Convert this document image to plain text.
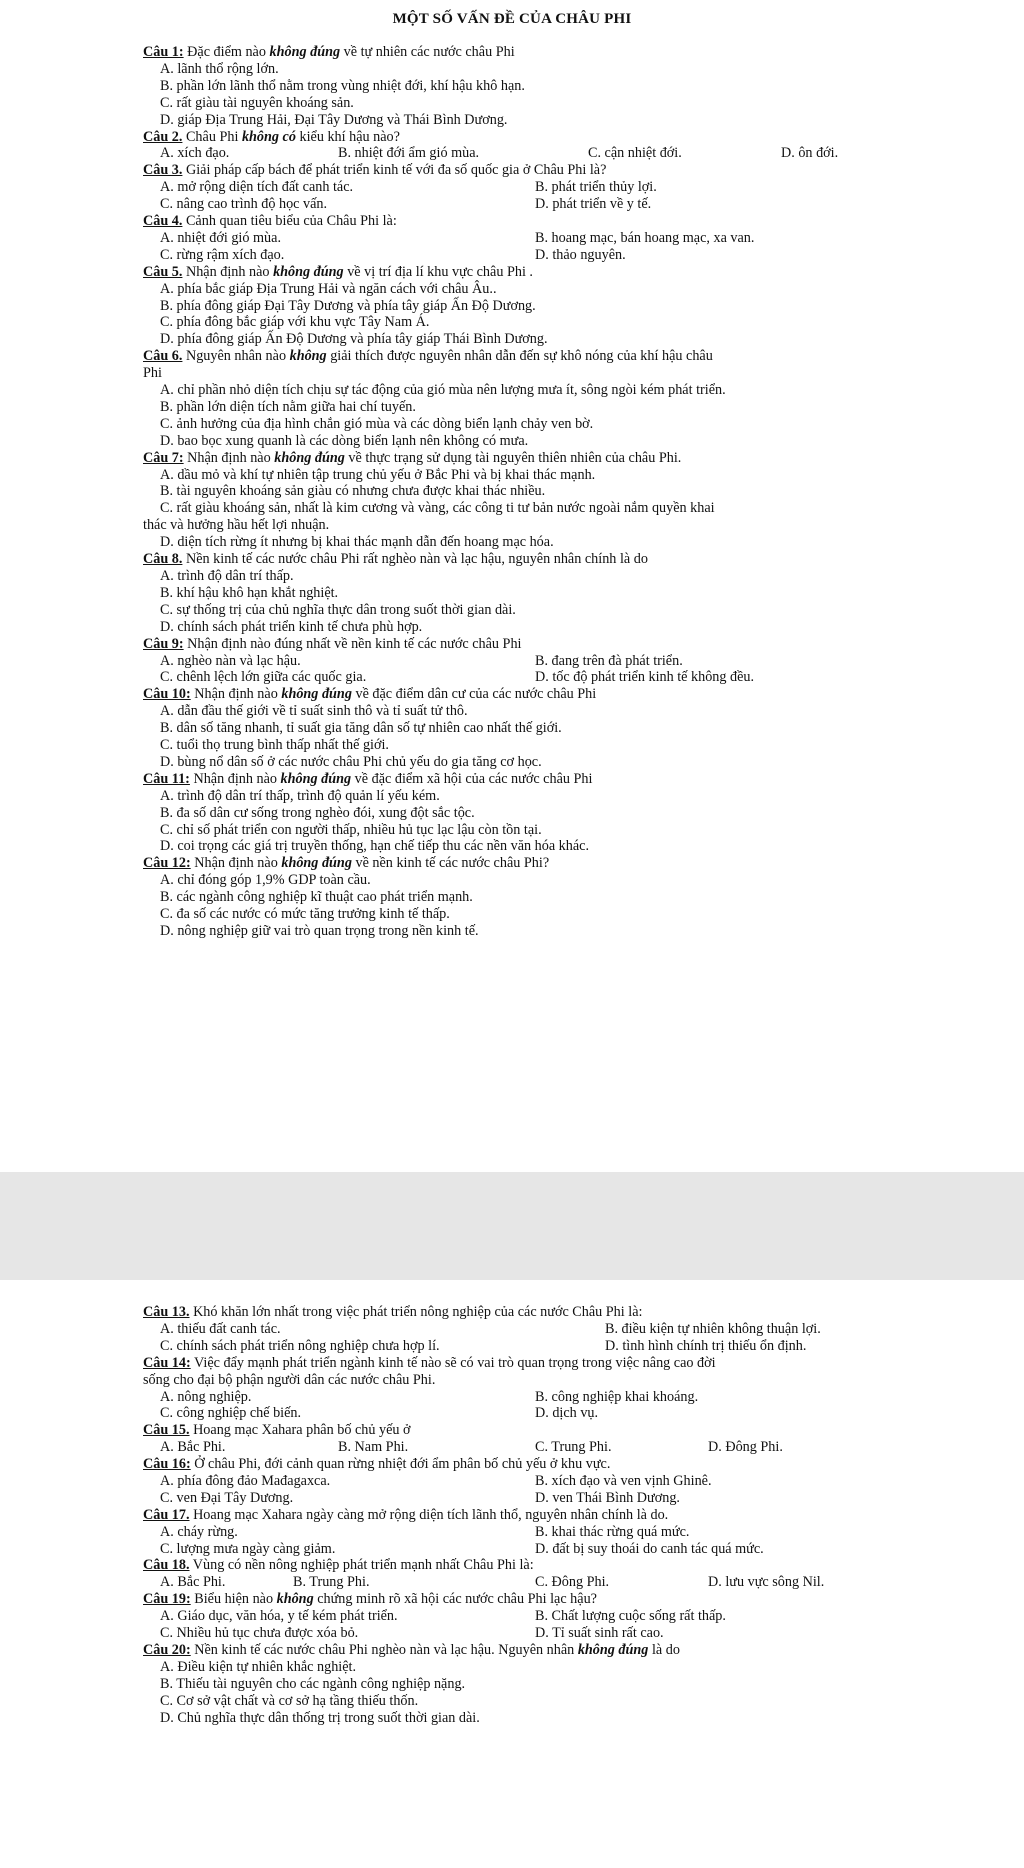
MỘT SỐ VẤN ĐỀ CỦA CHÂU PHI
Câu 1: Đặc điểm nào không đúng về tự nhiên các nước châu Phi
A. lãnh thổ rộng lớn.
B. phần lớn lãnh thổ nằm trong vùng nhiệt đới, khí hậu khô hạn.
C. rất giàu tài nguyên khoáng sản.
D. giáp Địa Trung Hải, Đại Tây Dương và Thái Bình Dương.
Câu 2. Châu Phi không có kiểu khí hậu nào?
A. xích đạo.	B. nhiệt đới ẩm gió mùa.	C. cận nhiệt đới.	D. ôn đới.
Câu 3. Giải pháp cấp bách để phát triển kinh tế với đa số quốc gia ở Châu Phi là?
A. mở rộng diện tích đất canh tác.	B. phát triển thủy lợi.
C. nâng cao trình độ học vấn.	D. phát triển về y tế.
Câu 4. Cảnh quan tiêu biểu của Châu Phi là:
A. nhiệt đới gió mùa.	B. hoang mạc, bán hoang mạc, xa van.
C. rừng rậm xích đạo.	D. thảo nguyên.
Câu 5. Nhận định nào không đúng về vị trí địa lí khu vực châu Phi .
A. phía bắc giáp Địa Trung Hải và ngăn cách với châu Âu..
B. phía đông giáp Đại Tây Dương và phía tây giáp Ấn Độ Dương.
C. phía đông bắc giáp với khu vực Tây Nam Á.
D. phía đông giáp Ấn Độ Dương và phía tây giáp Thái Bình Dương.
Câu 6. Nguyên nhân nào không giải thích được nguyên nhân dẫn đến sự khô nóng của khí hậu châu
Phi
A. chỉ phần nhỏ diện tích chịu sự tác động của gió mùa nên lượng mưa ít, sông ngòi kém phát triển.
B. phần lớn diện tích nằm giữa hai chí tuyến.
C. ảnh hưởng của địa hình chắn gió mùa và các dòng biển lạnh chảy ven bờ.
D. bao bọc xung quanh là các dòng biển lạnh nên không có mưa.
Câu 7: Nhận định nào không đúng về thực trạng sử dụng tài nguyên thiên nhiên của châu Phi.
A. dầu mỏ và khí tự nhiên tập trung chủ yếu ở Bắc Phi và bị khai thác mạnh.
B. tài nguyên khoáng sản giàu có nhưng chưa được khai thác nhiều.
C. rất giàu khoáng sản, nhất là kim cương và vàng, các công ti tư bản nước ngoài nắm quyền khai
thác và hưởng hầu hết lợi nhuận.
D. diện tích rừng ít nhưng bị khai thác mạnh dẫn đến hoang mạc hóa.
Câu 8. Nền kinh tế các nước châu Phi rất nghèo nàn và lạc hậu, nguyên nhân chính là do
A. trình độ dân trí thấp.
B. khí hậu khô hạn khắt nghiệt.
C. sự thống trị của chủ nghĩa thực dân trong suốt thời gian dài.
D. chính sách phát triển kinh tế chưa phù hợp.
Câu 9: Nhận định nào đúng nhất về nền kinh tế các nước châu Phi
A. nghèo nàn và lạc hậu.	B. đang trên đà phát triển.
C. chênh lệch lớn giữa các quốc gia.	D. tốc độ phát triển kinh tế không đều.
Câu 10: Nhận định nào không đúng về đặc điểm dân cư của các nước châu Phi
A. dẫn đầu thế giới về tỉ suất sinh thô và tỉ suất tử thô.
B. dân số tăng nhanh, tỉ suất gia tăng dân số tự nhiên cao nhất thế giới.
C. tuổi thọ trung bình thấp nhất thế giới.
D. bùng nổ dân số ở các nước châu Phi chủ yếu do gia tăng cơ học.
Câu 11: Nhận định nào không đúng về đặc điểm xã hội của các nước châu Phi
A. trình độ dân trí thấp, trình độ quản lí yếu kém.
B. đa số dân cư sống trong nghèo đói, xung đột sắc tộc.
C. chỉ số phát triển con người thấp, nhiều hủ tục lạc lậu còn tồn tại.
D. coi trọng các giá trị truyền thống, hạn chế tiếp thu các nền văn hóa khác.
Câu 12: Nhận định nào không đúng về nền kinh tế các nước châu Phi?
A. chỉ đóng góp 1,9% GDP toàn cầu.
B. các ngành công nghiệp kĩ thuật cao phát triển mạnh.
C. đa số các nước có mức tăng trưởng kinh tế thấp.
D. nông nghiệp giữ vai trò quan trọng trong nền kinh tế.
Câu 13. Khó khăn lớn nhất trong việc phát triển nông nghiệp của các nước Châu Phi là:
A. thiếu đất canh tác.	B. điều kiện tự nhiên không thuận lợi.
C. chính sách phát triển nông nghiệp chưa hợp lí.	D. tình hình chính trị thiếu ổn định.
Câu 14: Việc đẩy mạnh phát triển ngành kinh tế nào sẽ có vai trò quan trọng trong việc nâng cao đời
sống cho đại bộ phận người dân các nước châu Phi.
A. nông nghiệp.	B. công nghiệp khai khoáng.
C. công nghiệp chế biến.	D. dịch vụ.
Câu 15. Hoang mạc Xahara phân bố chủ yếu ở
A. Bắc Phi.	B. Nam Phi.	C. Trung Phi.	D. Đông Phi.
Câu 16: Ở châu Phi, đới cảnh quan rừng nhiệt đới ẩm phân bố chủ yếu ở khu vực.
A. phía đông đảo Mađagaxca.	B. xích đạo và ven vịnh Ghinê.
C. ven Đại Tây Dương.	D. ven Thái Bình Dương.
Câu 17. Hoang mạc Xahara ngày càng mở rộng diện tích lãnh thổ, nguyên nhân chính là do.
A. cháy rừng.	B. khai thác rừng quá mức.
C. lượng mưa ngày càng giảm.	D. đất bị suy thoái do canh tác quá mức.
Câu 18. Vùng có nền nông nghiệp phát triển mạnh nhất Châu Phi là:
A. Bắc Phi.	B. Trung Phi.	C. Đông Phi.	D. lưu vực sông Nil.
Câu 19: Biểu hiện nào không chứng minh rõ xã hội các nước châu Phi lạc hậu?
A. Giáo dục, văn hóa, y tế kém phát triển.	B. Chất lượng cuộc sống rất thấp.
C. Nhiều hủ tục chưa được xóa bỏ.	D. Tỉ suất sinh rất cao.
Câu 20: Nền kinh tế các nước châu Phi nghèo nàn và lạc hậu. Nguyên nhân không đúng là do
A. Điều kiện tự nhiên khắc nghiệt.
B. Thiếu tài nguyên cho các ngành công nghiệp nặng.
C. Cơ sở vật chất và cơ sở hạ tầng thiếu thốn.
D. Chủ nghĩa thực dân thống trị trong suốt thời gian dài.
